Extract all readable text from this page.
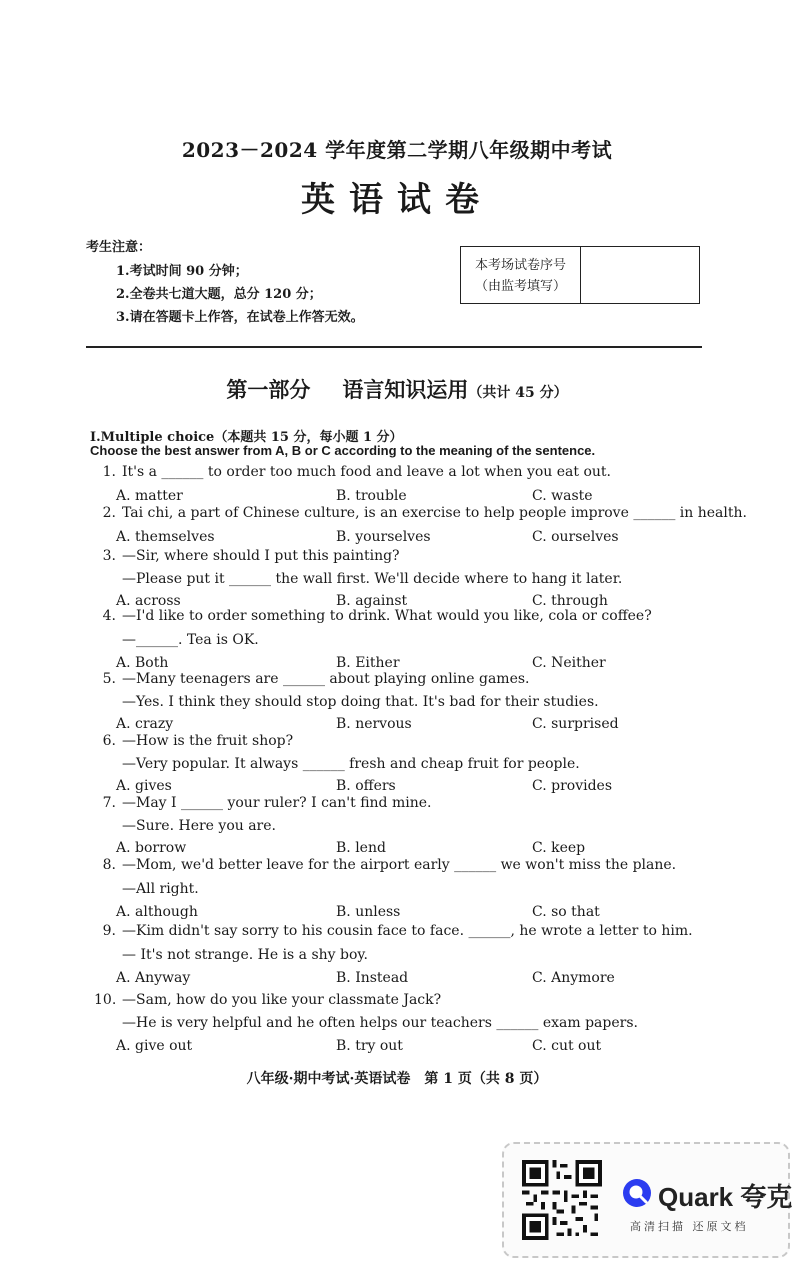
2023－2024 学年度第二学期八年级期中考试
英语试卷
考生注意：
1.考试时间 90 分钟；
2.全卷共七道大题，总分 120 分；
3.请在答题卡上作答，在试卷上作答无效。
本考场试卷序号
（由监考填写）
第一部分 语言知识运用（共计 45 分）
Ⅰ.Multiple choice（本题共 15 分，每小题 1 分）
Choose the best answer from A, B or C according to the meaning of the sentence.
1. It's a ______ to order too much food and leave a lot when you eat out.
A. matter	B. trouble	C. waste
2. Tai chi, a part of Chinese culture, is an exercise to help people improve ______ in health.
A. themselves	B. yourselves	C. ourselves
3. —Sir, where should I put this painting?
—Please put it ______ the wall first. We'll decide where to hang it later.
A. across	B. against	C. through
4. —I'd like to order something to drink. What would you like, cola or coffee?
—______. Tea is OK.
A. Both	B. Either	C. Neither
5. —Many teenagers are ______ about playing online games.
—Yes. I think they should stop doing that. It's bad for their studies.
A. crazy	B. nervous	C. surprised
6. —How is the fruit shop?
—Very popular. It always ______ fresh and cheap fruit for people.
A. gives	B. offers	C. provides
7. —May I ______ your ruler? I can't find mine.
—Sure. Here you are.
A. borrow	B. lend	C. keep
8. —Mom, we'd better leave for the airport early ______ we won't miss the plane.
—All right.
A. although	B. unless	C. so that
9. —Kim didn't say sorry to his cousin face to face. ______, he wrote a letter to him.
— It's not strange. He is a shy boy.
A. Anyway	B. Instead	C. Anymore
10. —Sam, how do you like your classmate Jack?
—He is very helpful and he often helps our teachers ______ exam papers.
A. give out	B. try out	C. cut out
八年级·期中考试·英语试卷　第 1 页（共 8 页）
Quark 夸克
高清扫描 还原文档
